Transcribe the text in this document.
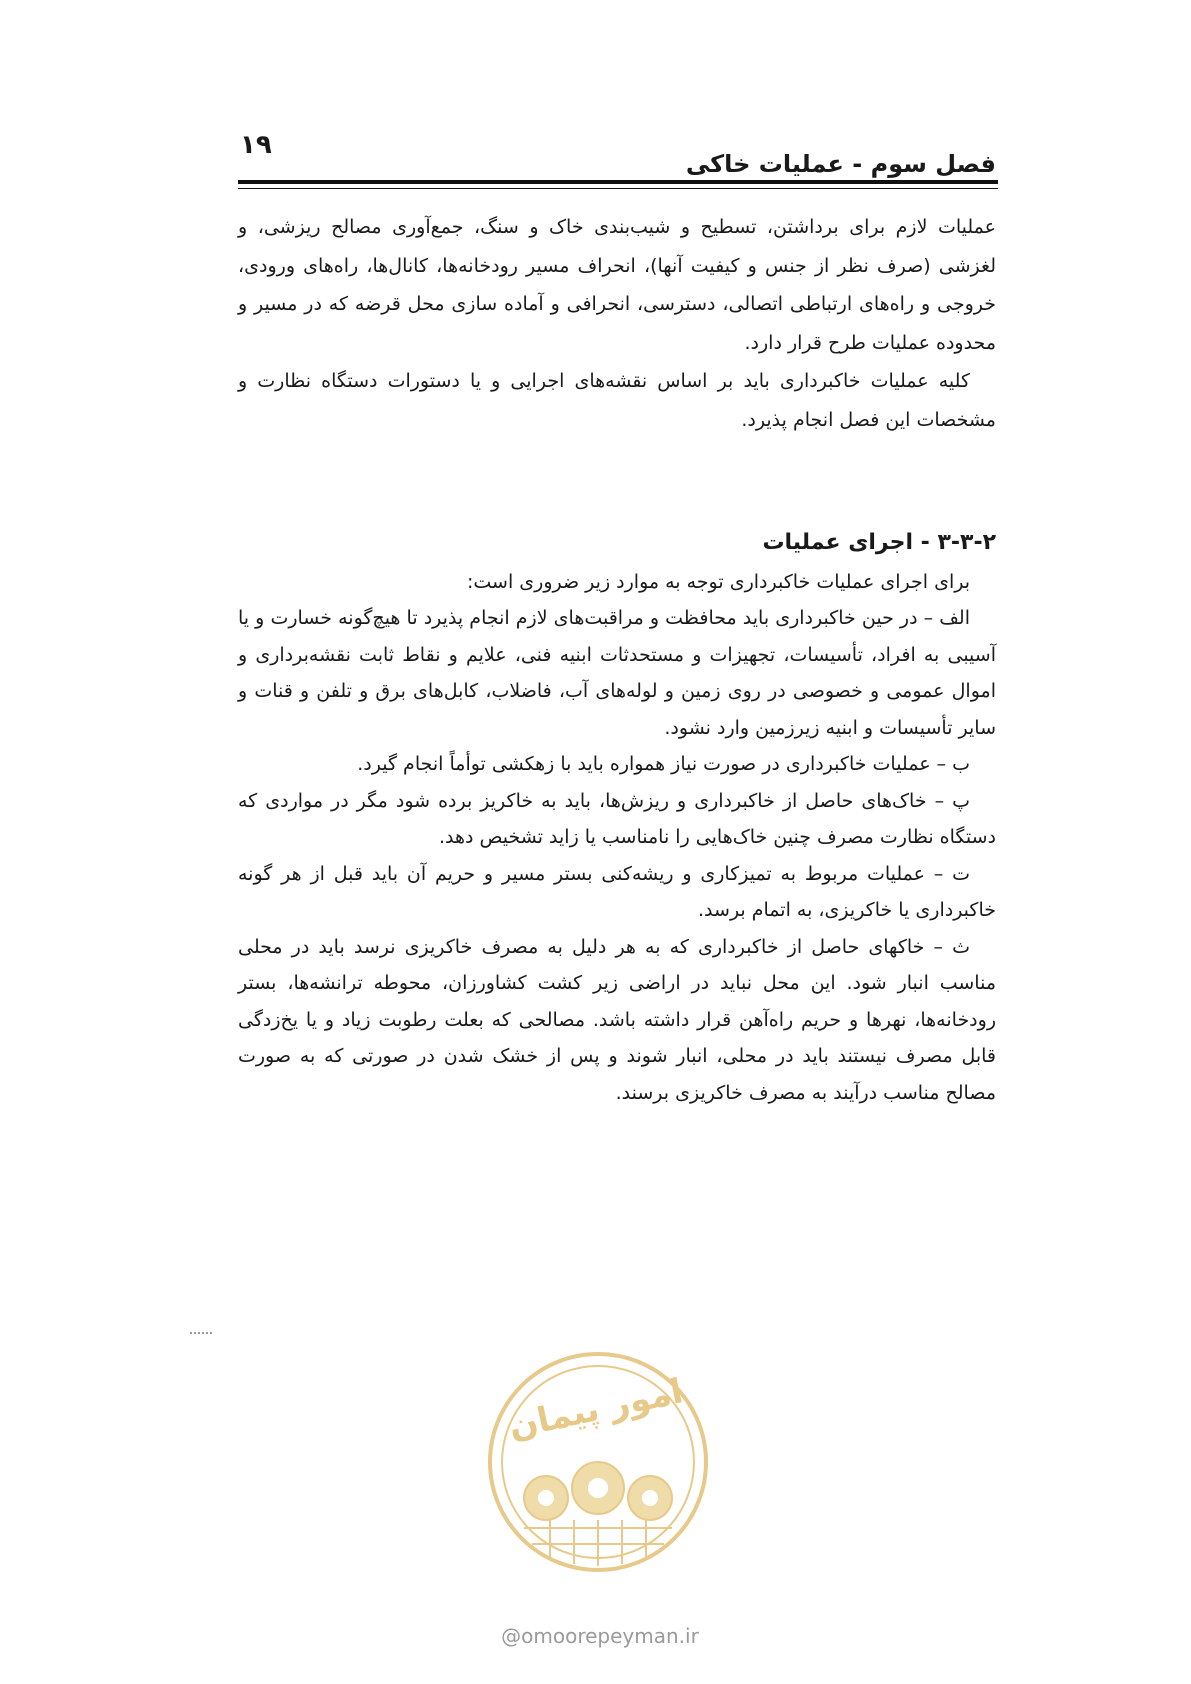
۱۹
فصل سوم - عملیات خاکی

عملیات لازم برای برداشتن، تسطیح و شیب‌بندی خاک و سنگ، جمع‌آوری مصالح ریزشی، و لغزشی (صرف نظر از جنس و کیفیت آنها)، انحراف مسیر رودخانه‌ها، کانال‌ها، راه‌های ورودی، خروجی و راه‌های ارتباطی اتصالی، دسترسی، انحرافی و آماده سازی محل قرضه که در مسیر و محدوده عملیات طرح قرار دارد.

کلیه عملیات خاکبرداری باید بر اساس نقشه‌های اجرایی و یا دستورات دستگاه نظارت و مشخصات این فصل انجام پذیرد.

۳-۳-۲ - اجرای عملیات

برای اجرای عملیات خاکبرداری توجه به موارد زیر ضروری است:

الف – در حین خاکبرداری باید محافظت و مراقبت‌های لازم انجام پذیرد تا هیچ‌گونه خسارت و یا آسیبی به افراد، تأسیسات، تجهیزات و مستحدثات ابنیه فنی، علایم و نقاط ثابت نقشه‌برداری و اموال عمومی و خصوصی در روی زمین و لوله‌های آب، فاضلاب، کابل‌های برق و تلفن و قنات و سایر تأسیسات و ابنیه زیرزمین وارد نشود.

ب – عملیات خاکبرداری در صورت نیاز همواره باید با زهکشی توأماً انجام گیرد.

پ – خاک‌های حاصل از خاکبرداری و ریزش‌ها، باید به خاکریز برده شود مگر در مواردی که دستگاه نظارت مصرف چنین خاک‌هایی را نامناسب یا زاید تشخیص دهد.

ت – عملیات مربوط به تمیزکاری و ریشه‌کنی بستر مسیر و حریم آن باید قبل از هر گونه خاکبرداری یا خاکریزی، به اتمام برسد.

ث – خاکهای حاصل از خاکبرداری که به هر دلیل به مصرف خاکریزی نرسد باید در محلی مناسب انبار شود. این محل نباید در اراضی زیر کشت کشاورزان، محوطه ترانشه‌ها، بستر رودخانه‌ها، نهرها و حریم راه‌آهن قرار داشته باشد. مصالحی که بعلت رطوبت زیاد و یا یخ‌زدگی قابل مصرف نیستند باید در محلی، انبار شوند و پس از خشک شدن در صورتی که به صورت مصالح مناسب درآیند به مصرف خاکریزی برسند.

امور پیمان
@omoorepeyman.ir
